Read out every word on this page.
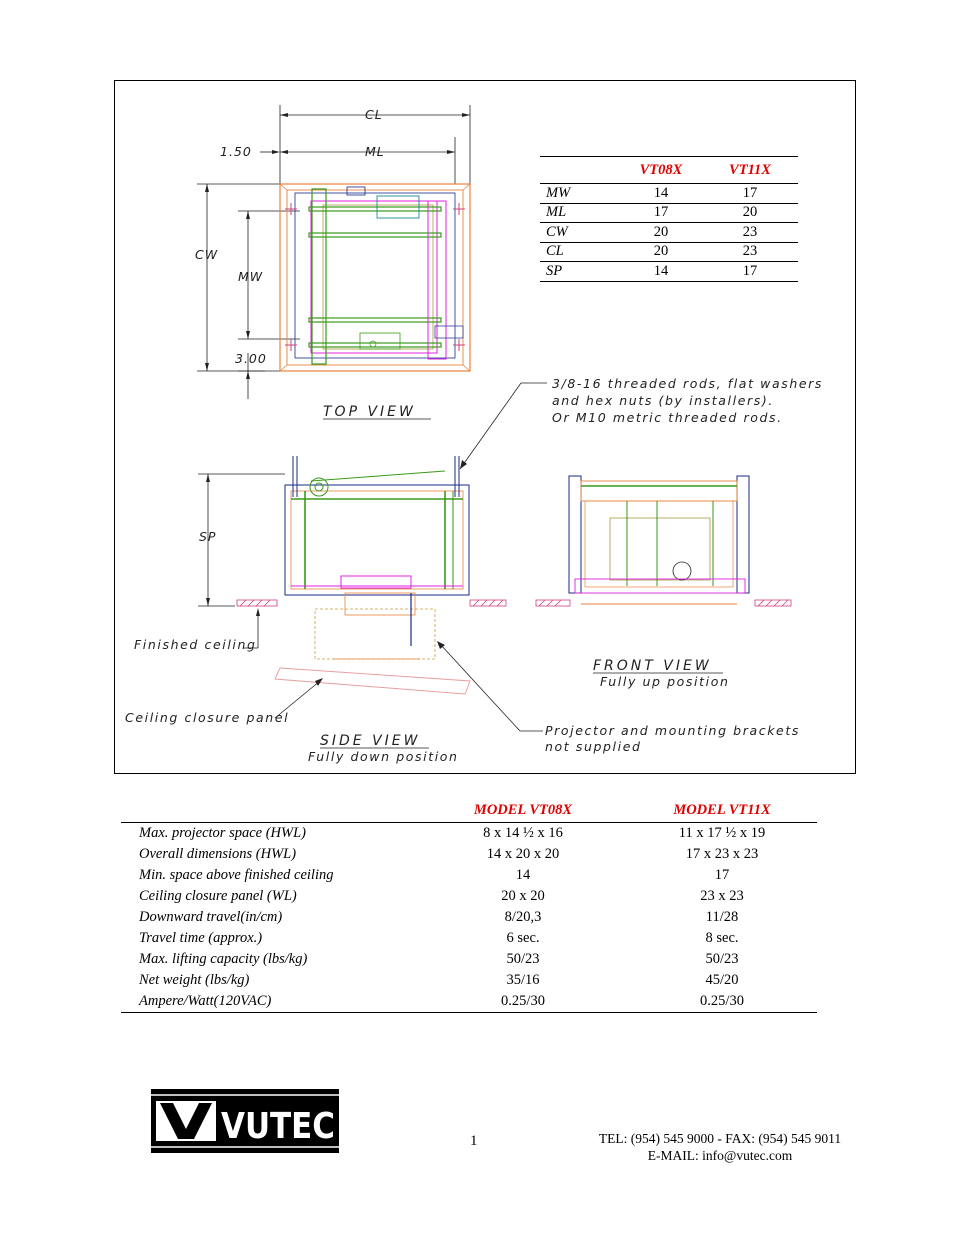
CL
1.50	ML
CW
MW
3.00
TOP VIEW
3/8-16 threaded rods, flat washers
and hex nuts (by installers).
Or M10 metric threaded rods.
SP
Finished ceiling
Ceiling closure panel
SIDE VIEW
Fully down position
Projector and mounting brackets
not supplied
FRONT VIEW
Fully up position
VT08X	VT11X
MW	14	17
ML	17	20
CW	20	23
CL	20	23
SP	14	17
MODEL VT08X	MODEL VT11X
Max. projector space (HWL)	8 x 14 ½ x 16	11 x 17 ½ x 19
Overall dimensions (HWL)	14 x 20 x 20	17 x 23 x 23
Min. space above finished ceiling	14	17
Ceiling closure panel (WL)	20 x 20	23 x 23
Downward travel(in/cm)	8/20,3	11/28
Travel time (approx.)	6 sec.	8 sec.
Max. lifting capacity (lbs/kg)	50/23	50/23
Net weight (lbs/kg)	35/16	45/20
Ampere/Watt(120VAC)	0.25/30	0.25/30
VUTEC	1	TEL: (954) 545 9000 - FAX: (954) 545 9011
E-MAIL: info@vutec.com
